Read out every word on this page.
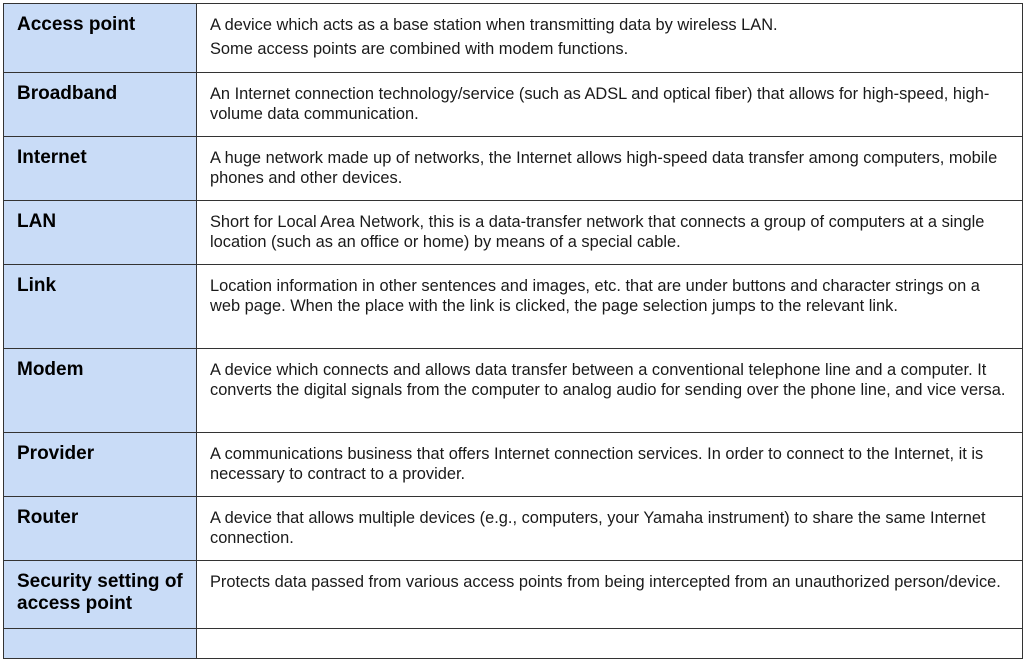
Access point	A device which acts as a base station when transmitting data by wireless LAN.

Some access points are combined with modem functions.

Broadband	An Internet connection technology/service (such as ADSL and optical fiber) that allows for high-speed, high-volume data communication.

Internet	A huge network made up of networks, the Internet allows high-speed data transfer among computers, mobile phones and other devices.

LAN	Short for Local Area Network, this is a data-transfer network that connects a group of computers at a single location (such as an office or home) by means of a special cable.

Link	Location information in other sentences and images, etc. that are under buttons and character strings on a web page. When the place with the link is clicked, the page selection jumps to the relevant link.

Modem	A device which connects and allows data transfer between a conventional telephone line and a computer. It converts the digital signals from the computer to analog audio for sending over the phone line, and vice versa.

Provider	A communications business that offers Internet connection services. In order to connect to the Internet, it is necessary to contract to a provider.

Router	A device that allows multiple devices (e.g., computers, your Yamaha instrument) to share the same Internet connection.

Security setting of access point	Protects data passed from various access points from being intercepted from an unauthorized person/device.
